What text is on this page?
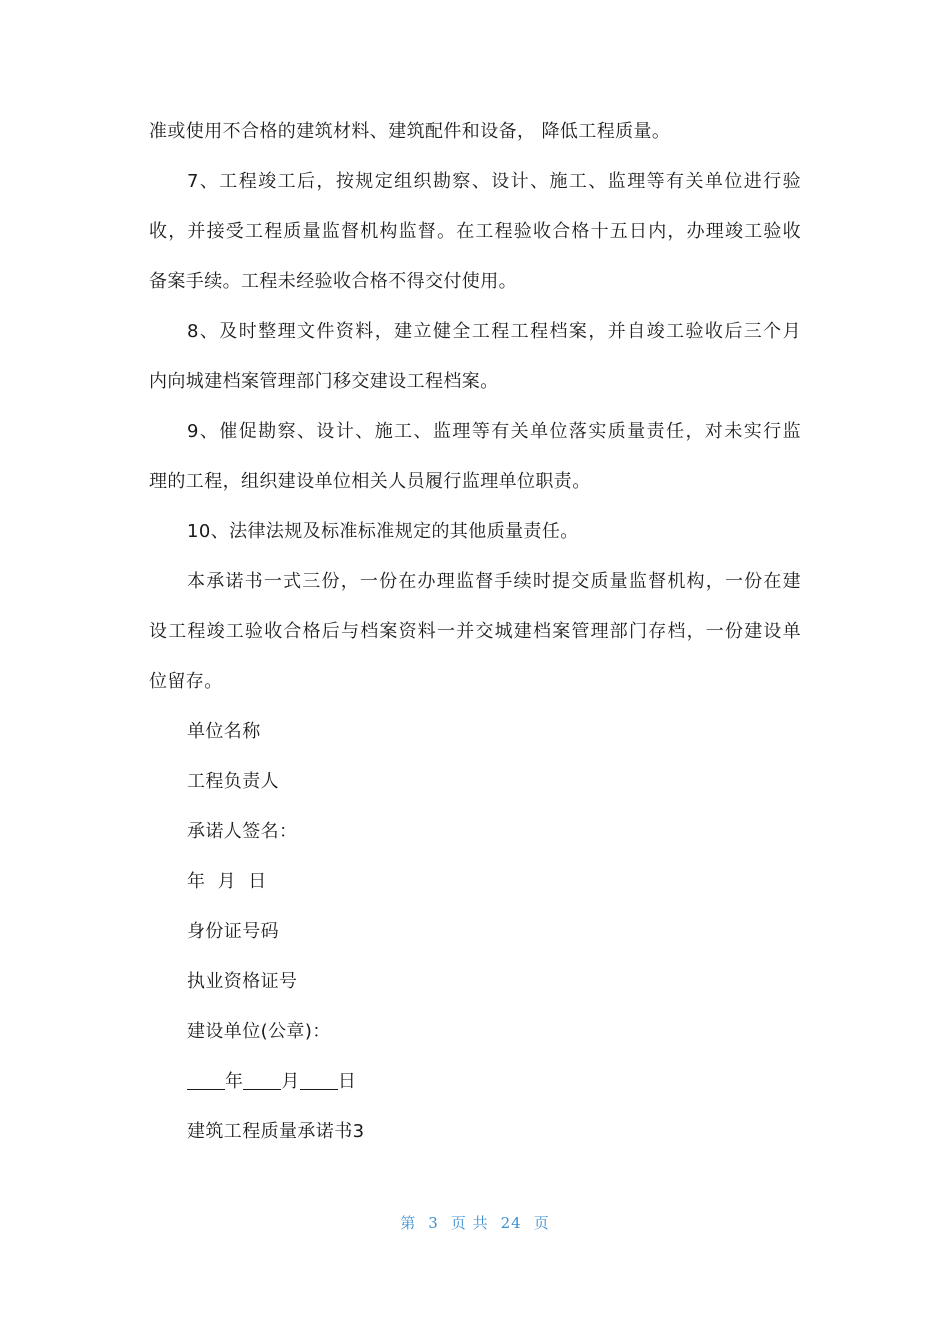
准或使用不合格的建筑材料、建筑配件和设备， 降低工程质量。
7、工程竣工后，按规定组织勘察、设计、施工、监理等有关单位进行验
收，并接受工程质量监督机构监督。在工程验收合格十五日内，办理竣工验收
备案手续。工程未经验收合格不得交付使用。
8、及时整理文件资料，建立健全工程工程档案，并自竣工验收后三个月
内向城建档案管理部门移交建设工程档案。
9、催促勘察、设计、施工、监理等有关单位落实质量责任，对未实行监
理的工程，组织建设单位相关人员履行监理单位职责。
10、法律法规及标准标准规定的其他质量责任。
本承诺书一式三份，一份在办理监督手续时提交质量监督机构，一份在建
设工程竣工验收合格后与档案资料一并交城建档案管理部门存档，一份建设单
位留存。
单位名称
工程负责人
承诺人签名：
年  月  日
身份证号码
执业资格证号
建设单位(公章)：
年 月 日
建筑工程质量承诺书3
第 3 页 共 24 页
